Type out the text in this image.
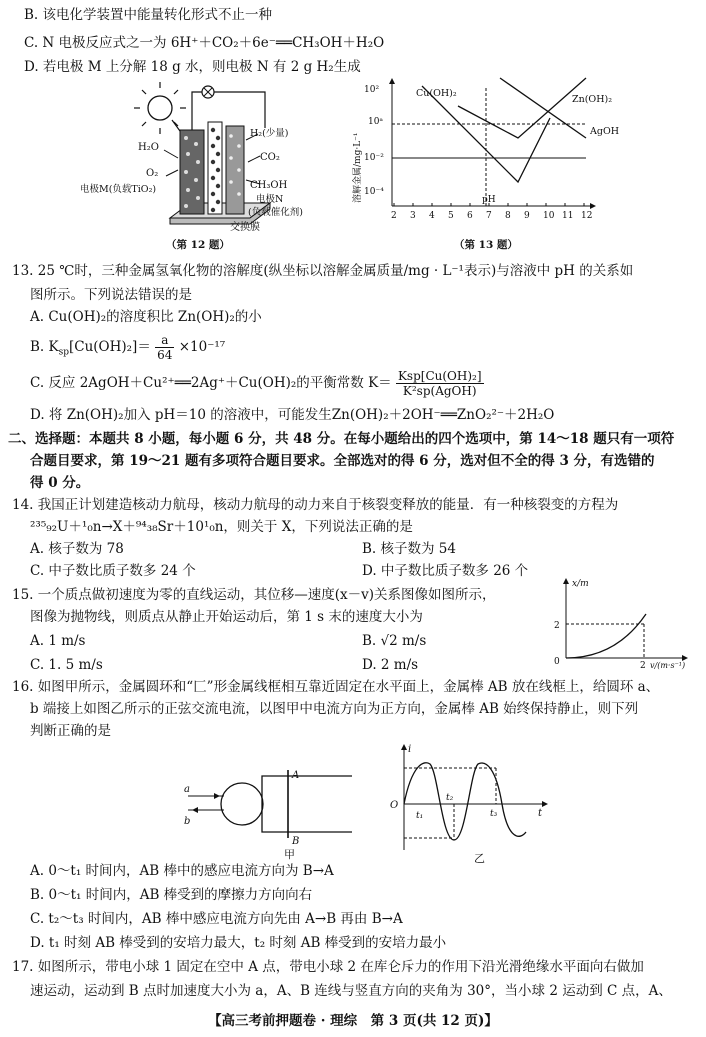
B. 该电化学装置中能量转化形式不止一种
C. N 电极反应式之一为 6H⁺＋CO₂＋6e⁻══CH₃OH＋H₂O
D. 若电极 M 上分解 18 g 水，则电极 N 有 2 g H₂生成
H₂O
O₂
H₂(少量)
CO₂
CH₃OH
电极M(负载TiO₂)
电极N
(负载催化剂)
交换膜
（第 12 题）
2 3 4 5 6 7 8 9 10 11 12
10²
10ᵃ
10⁻²
10⁻⁴
溶解金属/mg·L⁻¹
Cu(OH)₂
Zn(OH)₂
AgOH
pH
（第 13 题）
13. 25 ℃时，三种金属氢氧化物的溶解度(纵坐标以溶解金属质量/mg · L⁻¹表示)与溶液中 pH 的关系如
图所示。下列说法错误的是
A. Cu(OH)₂的溶度积比 Zn(OH)₂的小
B. $K_{sp}[Cu(OH)_2]= \frac{a}{64} \times 10^{-17}$
C. 反应 2AgOH＋Cu²⁺══2Ag⁺＋Cu(OH)₂的平衡常数 $K= \frac{\text{Ksp[Cu(OH)₂]}}{\text{K²sp(AgOH)}}$
D. 将 Zn(OH)₂加入 pH＝10 的溶液中，可能发生Zn(OH)₂＋2OH⁻══ZnO₂²⁻＋2H₂O
二、选择题：本题共 8 小题，每小题 6 分，共 48 分。在每小题给出的四个选项中，第 14～18 题只有一项符
合题目要求，第 19～21 题有多项符合题目要求。全部选对的得 6 分，选对但不全的得 3 分，有选错的
得 0 分。
14. 我国正计划建造核动力航母，核动力航母的动力来自于核裂变释放的能量．有一种核裂变的方程为
²³⁵₉₂U＋¹₀n→X＋⁹⁴₃₈Sr＋10¹₀n，则关于 X，下列说法正确的是
A. 核子数为 78	B. 核子数为 54
C. 中子数比质子数多 24 个	D. 中子数比质子数多 26 个
15. 一个质点做初速度为零的直线运动，其位移—速度(x－v)关系图像如图所示，
图像为抛物线，则质点从静止开始运动后，第 1 s 末的速度大小为
A. 1 m/s	B. √2 m/s
C. 1. 5 m/s	D. 2 m/s
x/m
2
0	2 v/(m·s⁻¹)
16. 如图甲所示，金属圆环和“匚”形金属线框相互靠近固定在水平面上，金属棒 AB 放在线框上，给圆环 a、
b 端接上如图乙所示的正弦交流电流，以图甲中电流方向为正方向，金属棒 AB 始终保持静止，则下列
判断正确的是
a
b
A
B
甲
i
O
t
t₁
t₂
t₃
乙
A. 0～t₁ 时间内，AB 棒中的感应电流方向为 B→A
B. 0～t₁ 时间内，AB 棒受到的摩擦力方向向右
C. t₂～t₃ 时间内，AB 棒中感应电流方向先由 A→B 再由 B→A
D. t₁ 时刻 AB 棒受到的安培力最大，t₂ 时刻 AB 棒受到的安培力最小
17. 如图所示，带电小球 1 固定在空中 A 点，带电小球 2 在库仑斥力的作用下沿光滑绝缘水平面向右做加
速运动，运动到 B 点时加速度大小为 a，A、B 连线与竖直方向的夹角为 30°，当小球 2 运动到 C 点，A、
【高三考前押题卷 · 理综　第 3 页(共 12 页)】
